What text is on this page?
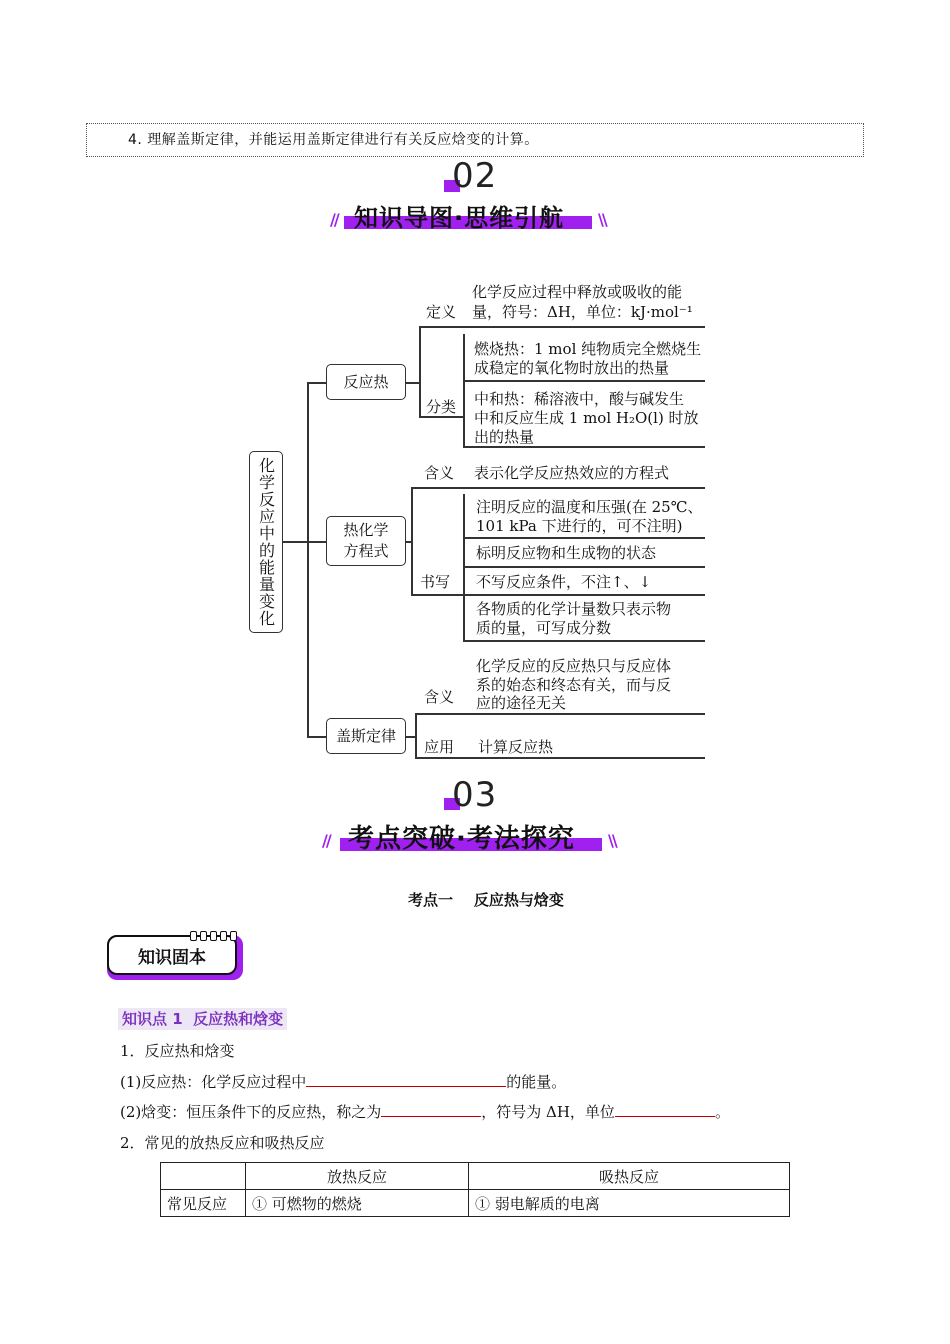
4. 理解盖斯定律，并能运用盖斯定律进行有关反应焓变的计算。
02
//	\\
知识导图·思维引航
化学反应中的能量变化
反应热
定义
化学反应过程中释放或吸收的能
量，符号：ΔH，单位：kJ·mol⁻¹
分类
燃烧热：1 mol 纯物质完全燃烧生
成稳定的氧化物时放出的热量
中和热：稀溶液中，酸与碱发生
中和反应生成 1 mol H₂O(l) 时放
出的热量
热化学
方程式
含义 表示化学反应热效应的方程式
书写
注明反应的温度和压强(在 25℃、
101 kPa 下进行的，可不注明)
标明反应物和生成物的状态
不写反应条件，不注↑、↓
各物质的化学计量数只表示物
质的量，可写成分数
盖斯定律
含义
化学反应的反应热只与反应体
系的始态和终态有关，而与反
应的途径无关
应用 计算反应热
03
//	\\
考点突破·考法探究
考点一    反应热与焓变
知识固本
知识点 1  反应热和焓变
1．反应热和焓变
(1)反应热：化学反应过程中	的能量。
(2)焓变：恒压条件下的反应热，称之为	，符号为 ΔH，单位	。
2．常见的放热反应和吸热反应
	放热反应	吸热反应
常见反应	① 可燃物的燃烧	① 弱电解质的电离
